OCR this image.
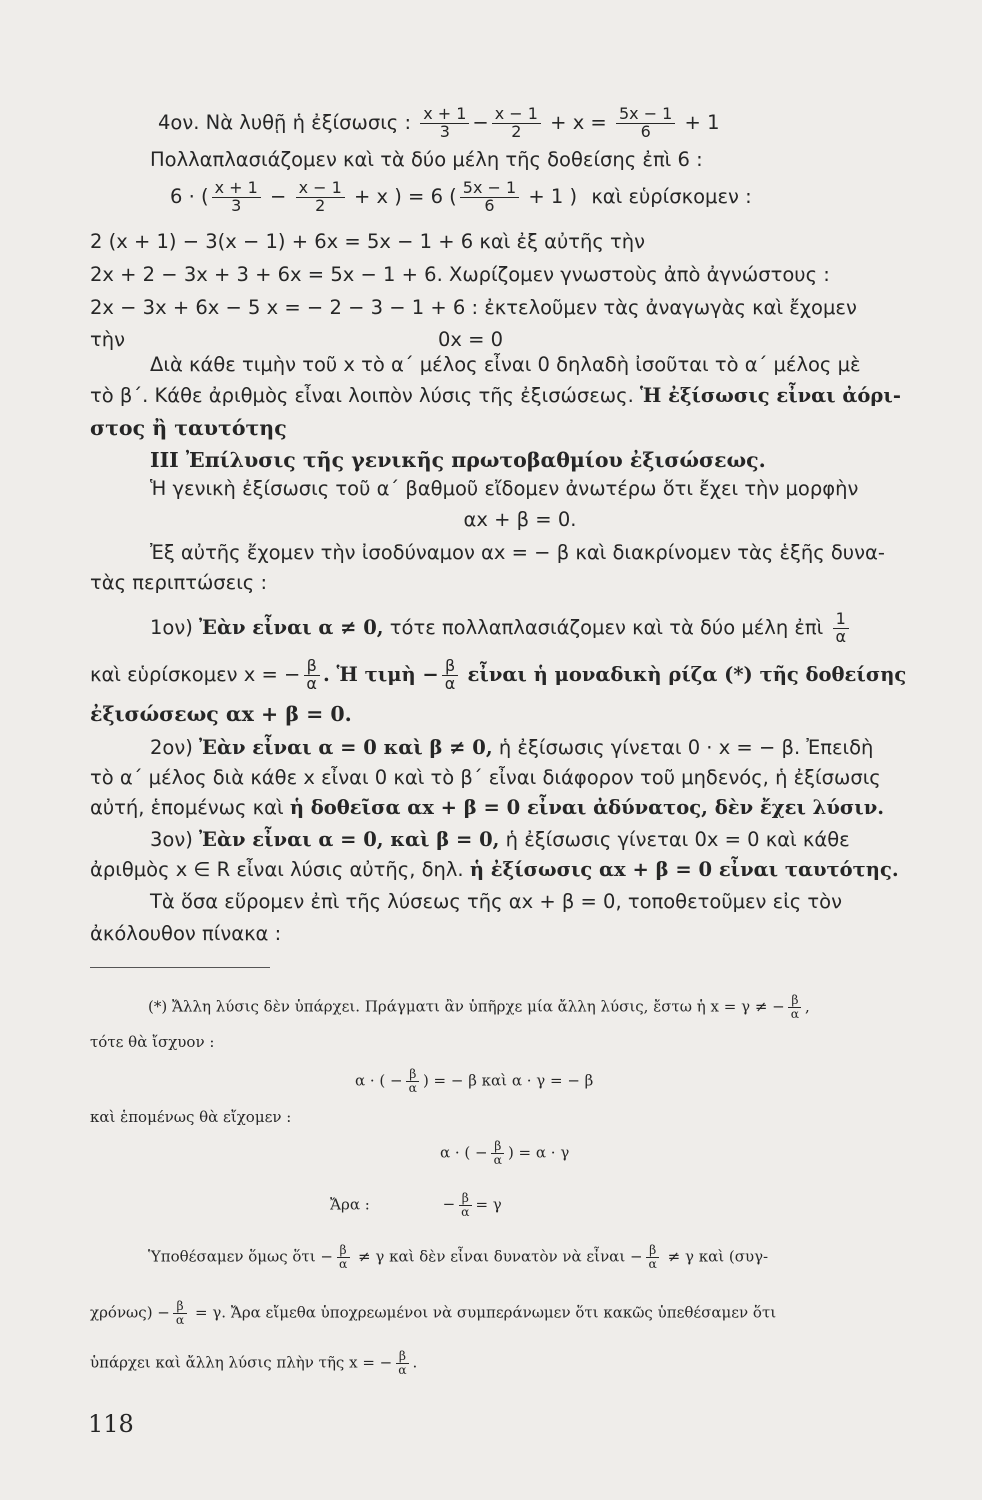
4ον. Νὰ λυθῇ ἡ ἐξίσωσις : $\frac{x + 1}{3} - \frac{x - 1}{2} + x = \frac{5x - 1}{6} + 1$
Πολλαπλασιάζομεν καὶ τὰ δύο μέλη τῆς δοθείσης ἐπὶ 6 :
6 · ( $\frac{x + 1}{3} - \frac{x - 1}{2} + x$ ) = 6 ( $\frac{5x - 1}{6} + 1$ ) καὶ εὑρίσκομεν :
2 (x + 1) − 3(x − 1) + 6x = 5x − 1 + 6 καὶ ἐξ αὐτῆς τὴν
2x + 2 − 3x + 3 + 6x = 5x − 1 + 6. Χωρίζομεν γνωστοὺς ἀπὸ ἀγνώστους :
2x − 3x + 6x − 5 x = − 2 − 3 − 1 + 6 : ἐκτελοῦμεν τὰς ἀναγωγὰς καὶ ἔχομεν
τὴν	0x = 0
Διὰ κάθε τιμὴν τοῦ x τὸ α΄ μέλος εἶναι 0 δηλαδὴ ἰσοῦται τὸ α΄ μέλος μὲ
τὸ β΄. Κάθε ἀριθμὸς εἶναι λοιπὸν λύσις τῆς ἐξισώσεως. Ἡ ἐξίσωσις εἶναι ἀόρι-
στος ἢ ταυτότης
III Ἐπίλυσις τῆς γενικῆς πρωτοβαθμίου ἐξισώσεως.
Ἡ γενικὴ ἐξίσωσις τοῦ α΄ βαθμοῦ εἴδομεν ἀνωτέρω ὅτι ἔχει τὴν μορφὴν
αx + β = 0.
Ἐξ αὐτῆς ἔχομεν τὴν ἰσοδύναμον αx = − β καὶ διακρίνομεν τὰς ἑξῆς δυνα-
τὰς περιπτώσεις :
1ον) Ἐὰν εἶναι α ≠ 0, τότε πολλαπλασιάζομεν καὶ τὰ δύο μέλη ἐπὶ $\frac{1}{\alpha}$
καὶ εὑρίσκομεν x = − $\frac{\beta}{\alpha}$ . Ἡ τιμὴ − $\frac{\beta}{\alpha}$ εἶναι ἡ μοναδικὴ ρίζα (*) τῆς δοθείσης
ἐξισώσεως αx + β = 0.
2ον) Ἐὰν εἶναι α = 0 καὶ β ≠ 0, ἡ ἐξίσωσις γίνεται 0 · x = − β. Ἐπειδὴ
τὸ α΄ μέλος διὰ κάθε x εἶναι 0 καὶ τὸ β΄ εἶναι διάφορον τοῦ μηδενός, ἡ ἐξίσωσις
αὐτή, ἑπομένως καὶ ἡ δοθεῖσα αx + β = 0 εἶναι ἀδύνατος, δὲν ἔχει λύσιν.
3ον) Ἐὰν εἶναι α = 0, καὶ β = 0, ἡ ἐξίσωσις γίνεται 0x = 0 καὶ κάθε
ἀριθμὸς x ∈ R εἶναι λύσις αὐτῆς, δηλ. ἡ ἐξίσωσις αx + β = 0 εἶναι ταυτότης.
Τὰ ὅσα εὕρομεν ἐπὶ τῆς λύσεως τῆς αx + β = 0, τοποθετοῦμεν εἰς τὸν
ἀκόλουθον πίνακα :
(*) Ἄλλη λύσις δὲν ὑπάρχει. Πράγματι ἂν ὑπῆρχε μία ἄλλη λύσις, ἔστω ἡ x = γ ≠ − $\frac{\beta}{\alpha}$ ,
τότε θὰ ἴσχυον :
α · ( − $\frac{\beta}{\alpha}$ ) = − β καὶ α · γ = − β
καὶ ἑπομένως θὰ εἴχομεν :
α · ( − $\frac{\beta}{\alpha}$ ) = α · γ
Ἄρα :	− $\frac{\beta}{\alpha} = \gamma$
Ὑποθέσαμεν ὅμως ὅτι − $\frac{\beta}{\alpha} \ne \gamma$ καὶ δὲν εἶναι δυνατὸν νὰ εἶναι − $\frac{\beta}{\alpha} \ne \gamma$ καὶ (συγ-
$\chi\rho ό\nu\omega\varsigma) - \frac{\beta}{\alpha} = \gamma$. Ἄρα εἴμεθα ὑποχρεωμένοι νὰ συμπεράνωμεν ὅτι κακῶς ὑπεθέσαμεν ὅτι
ὑπάρχει καὶ ἄλλη λύσις πλὴν τῆς x = − $\frac{\beta}{\alpha}$ .
118
